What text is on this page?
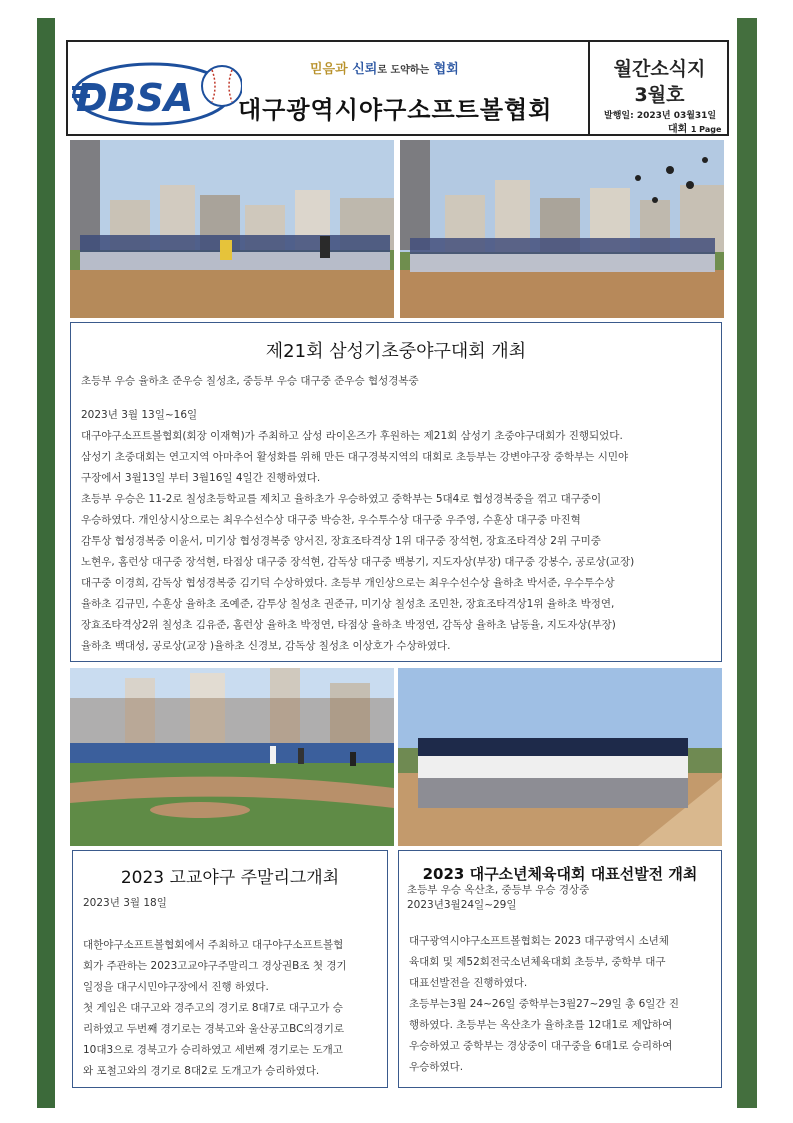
DBSA
믿음과 신뢰로 도약하는 협회
대구광역시야구소프트볼협회
월간소식지
3월호
발행일: 2023년 03월31일
대회 1 Page
제21회 삼성기초중야구대회 개최

초등부 우승 율하초 준우승 칠성초, 중등부 우승 대구중 준우승 협성경복중

2023년 3월 13일~16일

대구야구소프트볼협회(회장 이재혁)가 주최하고 삼성 라이온즈가 후원하는 제21회 삼성기 초중야구대회가 진행되었다.

삼성기 초중대회는 연고지역 아마추어 활성화를 위해 만든 대구경북지역의 대회로 초등부는 강변야구장 중학부는 시민야

구장에서 3월13일 부터 3월16일 4일간 진행하였다.

초등부 우승은 11-2로 칠성초등학교를 제치고 율하초가 우승하였고 중학부는 5대4로 협성경복중을 꺾고 대구중이

우승하였다. 개인상시상으로는 최우수선수상 대구중 박승찬, 우수투수상 대구중 우주영, 수훈상 대구중 마진혁

감투상 협성경복중 이윤서, 미기상 협성경복중 양서진, 장효조타격상 1위 대구중 장석현, 장효조타격상 2위 구미중

노현우, 홈런상 대구중 장석현, 타점상 대구중 장석현, 감독상 대구중 백봉기, 지도자상(부장) 대구중 강봉수, 공로상(교장)

대구중 이경희, 감독상 협성경복중 김기덕 수상하였다. 초등부 개인상으로는 최우수선수상 율하초 박서준, 우수투수상

율하초 김규민, 수훈상 율하초 조예준, 감투상 칠성초 권준규, 미기상 칠성초 조민찬, 장효조타격상1위 율하초 박정연,

장효조타격상2위 칠성초 김유준, 홈런상 율하초 박정연, 타점상 율하초 박정연, 감독상 율하초 남동율, 지도자상(부장)

율하초 백대성, 공로상(교장 )율하초 신경보, 감독상 칠성초 이상호가 수상하였다.

2023 고교야구 주말리그개최

2023년 3월 18일

대한야구소프트볼협회에서 주최하고 대구야구소프트볼협

회가 주관하는 2023고교야구주말리그 경상권B조 첫 경기

일정을 대구시민야구장에서 진행 하였다.

첫 게임은 대구고와 경주고의 경기로 8대7로 대구고가 승

리하였고 두번째 경기로는 경북고와 울산공고BC의경기로

10대3으로 경북고가 승리하였고 세번째 경기로는 도개고

와 포철고와의 경기로 8대2로 도개고가 승리하였다.

2023 대구소년체육대회 대표선발전 개최

초등부 우승 옥산초, 중등부 우승 경상중

2023년3월24일~29일

대구광역시야구소프트볼협회는 2023 대구광역시 소년체

육대회 및 제52회전국소년체육대회 초등부, 중학부 대구

대표선발전을 진행하였다.

초등부는3월 24~26일 중학부는3월27~29일 총 6일간 진

행하였다. 초등부는 옥산초가 율하초를 12대1로 제압하여

우승하였고 중학부는 경상중이 대구중을 6대1로 승리하여

우승하였다.
